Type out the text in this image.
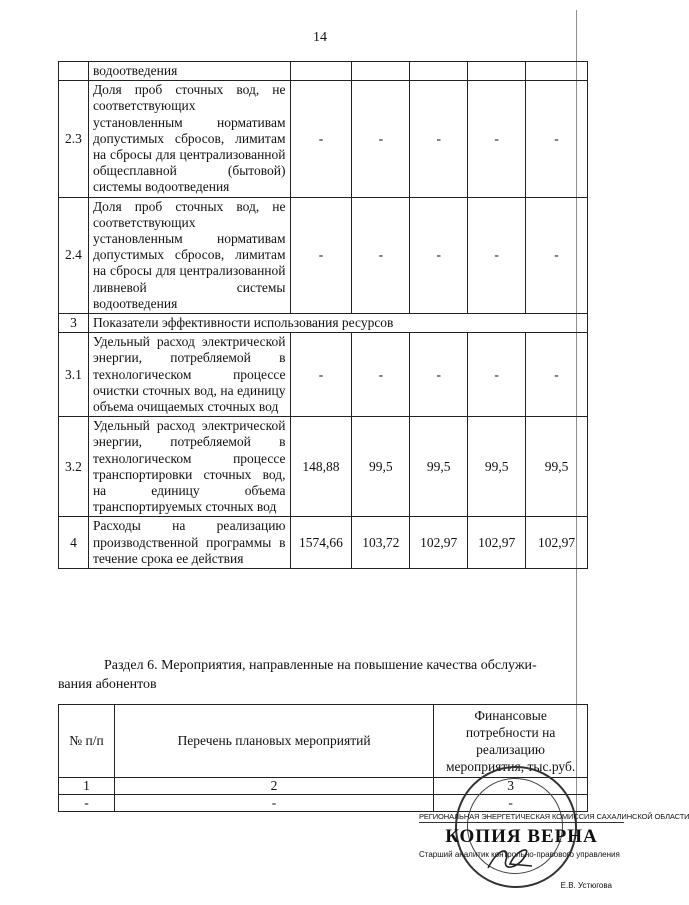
14
	водоотведения					
2.3	Доля проб сточных вод, не соответствующих установленным нормативам допустимых сбросов, лимитам на сбросы для централизованной общесплавной (бытовой) системы водоотведения	-	-	-	-	-
2.4	Доля проб сточных вод, не соответствующих установленным нормативам допустимых сбросов, лимитам на сбросы для централизованной ливневой системы водоотведения	-	-	-	-	-
3	Показатели эффективности использования ресурсов					
3.1	Удельный расход электрической энергии, потребляемой в технологическом процессе очистки сточных вод, на единицу объема очищаемых сточных вод	-	-	-	-	-
3.2	Удельный расход электрической энергии, потребляемой в технологическом процессе транспортировки сточных вод, на единицу объема транспортируемых сточных вод	148,88	99,5	99,5	99,5	99,5
4	Расходы на реализацию производственной программы в течение срока ее действия	1574,66	103,72	102,97	102,97	102,97
Раздел 6. Мероприятия, направленные на повышение качества обслужи-
вания абонентов
№ п/п	Перечень плановых мероприятий	Финансовые потребности на реализацию мероприятия, тыс.руб.
1	2	3
-	-	-
РЕГИОНАЛЬНАЯ ЭНЕРГЕТИЧЕСКАЯ КОМИССИЯ САХАЛИНСКОЙ ОБЛАСТИ
КОПИЯ ВЕРНА
Старший аналитик контрольно-правового управления
Е.В. Устюгова
